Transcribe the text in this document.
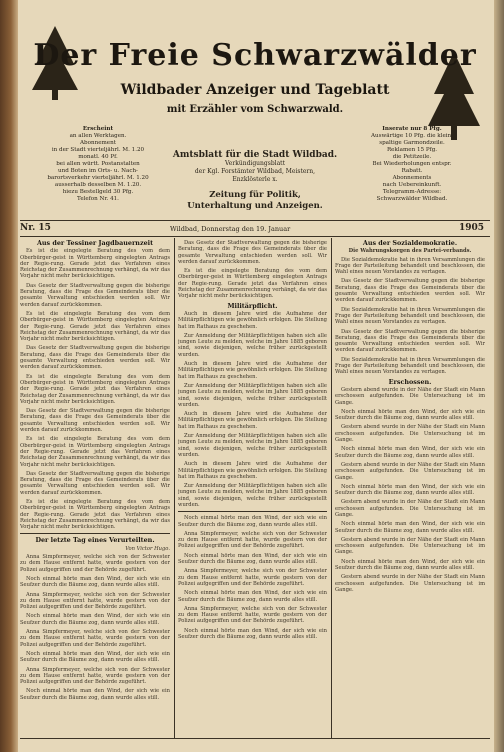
Der Freie Schwarzwälder
Wildbader Anzeiger und Tageblatt
mit Erzähler vom Schwarzwald.
Erscheint
an allen Werktagen.
Abonnement
in der Stadt vierteljährl. M. 1.20
monatl. 40 Pf.
bei allen württ. Postanstalten
und Boten im Orts- u. Nach-
barortsverkehr vierteljährl. M. 1.20
ausserhalb desselben M. 1.20.
hiezu Bestellgeld 30 Pfg.
Telefon Nr. 41.
Inserate nur 8 Pfg.
Auswärtige 10 Pfg. die klein-
spaltige Garmondzeile.
Reklamen 15 Pfg.
die Petitzeile.
Bei Wiederholungen entspr.
Rabatt.
Abonnements
nach Uebereinkunft.
Telegramm-Adresse:
Schwarzwälder Wildbad.
Amtsblatt für die Stadt Wildbad.
Verkündigungsblatt
der Kgl. Forstämter Wildbad, Meistern,
Enzklösterle x.
Zeitung für Politik,
Unterhaltung und Anzeigen.
Nr. 15	Wildbad, Donnerstag den 19. Januar	1905
Aus der Tessiner Jagdbauernzeit

Es ist die eingelegte Beratung des vom dem Oberbürger-geist in Württemberg eingelegten Antrags der Regie-rung. Gerade jetzt das Verfahren eines Reichstag der Zusammenrechnung verhängt, da wir das Vorjahr nicht mehr berücksichtigen.

Das Gesetz der Stadtverwaltung gegen die bisherige Beratung, dass die Frage des Gemeinderats über die gesamte Verwaltung entschieden werden soll. Wir werden darauf zurückkommen.

Es ist die eingelegte Beratung des vom dem Oberbürger-geist in Württemberg eingelegten Antrags der Regie-rung. Gerade jetzt das Verfahren eines Reichstag der Zusammenrechnung verhängt, da wir das Vorjahr nicht mehr berücksichtigen.

Das Gesetz der Stadtverwaltung gegen die bisherige Beratung, dass die Frage des Gemeinderats über die gesamte Verwaltung entschieden werden soll. Wir werden darauf zurückkommen.

Es ist die eingelegte Beratung des vom dem Oberbürger-geist in Württemberg eingelegten Antrags der Regie-rung. Gerade jetzt das Verfahren eines Reichstag der Zusammenrechnung verhängt, da wir das Vorjahr nicht mehr berücksichtigen.

Das Gesetz der Stadtverwaltung gegen die bisherige Beratung, dass die Frage des Gemeinderats über die gesamte Verwaltung entschieden werden soll. Wir werden darauf zurückkommen.

Es ist die eingelegte Beratung des vom dem Oberbürger-geist in Württemberg eingelegten Antrags der Regie-rung. Gerade jetzt das Verfahren eines Reichstag der Zusammenrechnung verhängt, da wir das Vorjahr nicht mehr berücksichtigen.

Das Gesetz der Stadtverwaltung gegen die bisherige Beratung, dass die Frage des Gemeinderats über die gesamte Verwaltung entschieden werden soll. Wir werden darauf zurückkommen.

Es ist die eingelegte Beratung des vom dem Oberbürger-geist in Württemberg eingelegten Antrags der Regie-rung. Gerade jetzt das Verfahren eines Reichstag der Zusammenrechnung verhängt, da wir das Vorjahr nicht mehr berücksichtigen.

Der letzte Tag eines Verurteilten.
Von Victor Hugo.

Anna Simpfermeyer, welche sich von der Schwester zu dem Hause entfernt hatte, wurde gestern von der Polizei aufgegriffen und der Behörde zugeführt.

Noch einmal hörte man den Wind, der sich wie ein Seufzer durch die Bäume zog, dann wurde alles still.

Anna Simpfermeyer, welche sich von der Schwester zu dem Hause entfernt hatte, wurde gestern von der Polizei aufgegriffen und der Behörde zugeführt.

Noch einmal hörte man den Wind, der sich wie ein Seufzer durch die Bäume zog, dann wurde alles still.

Anna Simpfermeyer, welche sich von der Schwester zu dem Hause entfernt hatte, wurde gestern von der Polizei aufgegriffen und der Behörde zugeführt.

Noch einmal hörte man den Wind, der sich wie ein Seufzer durch die Bäume zog, dann wurde alles still.

Anna Simpfermeyer, welche sich von der Schwester zu dem Hause entfernt hatte, wurde gestern von der Polizei aufgegriffen und der Behörde zugeführt.

Noch einmal hörte man den Wind, der sich wie ein Seufzer durch die Bäume zog, dann wurde alles still.

Das Gesetz der Stadtverwaltung gegen die bisherige Beratung, dass die Frage des Gemeinderats über die gesamte Verwaltung entschieden werden soll. Wir werden darauf zurückkommen.

Es ist die eingelegte Beratung des vom dem Oberbürger-geist in Württemberg eingelegten Antrags der Regie-rung. Gerade jetzt das Verfahren eines Reichstag der Zusammenrechnung verhängt, da wir das Vorjahr nicht mehr berücksichtigen.

Militärpflicht.

Auch in diesem Jahre wird die Aufnahme der Militärpflichtigen wie gewöhnlich erfolgen. Die Stellung hat im Rathaus zu geschehen.

Zur Anmeldung der Militärpflichtigen haben sich alle jungen Leute zu melden, welche im Jahre 1885 geboren sind, sowie diejenigen, welche früher zurückgestellt wurden.

Auch in diesem Jahre wird die Aufnahme der Militärpflichtigen wie gewöhnlich erfolgen. Die Stellung hat im Rathaus zu geschehen.

Zur Anmeldung der Militärpflichtigen haben sich alle jungen Leute zu melden, welche im Jahre 1885 geboren sind, sowie diejenigen, welche früher zurückgestellt wurden.

Auch in diesem Jahre wird die Aufnahme der Militärpflichtigen wie gewöhnlich erfolgen. Die Stellung hat im Rathaus zu geschehen.

Zur Anmeldung der Militärpflichtigen haben sich alle jungen Leute zu melden, welche im Jahre 1885 geboren sind, sowie diejenigen, welche früher zurückgestellt wurden.

Auch in diesem Jahre wird die Aufnahme der Militärpflichtigen wie gewöhnlich erfolgen. Die Stellung hat im Rathaus zu geschehen.

Zur Anmeldung der Militärpflichtigen haben sich alle jungen Leute zu melden, welche im Jahre 1885 geboren sind, sowie diejenigen, welche früher zurückgestellt wurden.

Noch einmal hörte man den Wind, der sich wie ein Seufzer durch die Bäume zog, dann wurde alles still.

Anna Simpfermeyer, welche sich von der Schwester zu dem Hause entfernt hatte, wurde gestern von der Polizei aufgegriffen und der Behörde zugeführt.

Noch einmal hörte man den Wind, der sich wie ein Seufzer durch die Bäume zog, dann wurde alles still.

Anna Simpfermeyer, welche sich von der Schwester zu dem Hause entfernt hatte, wurde gestern von der Polizei aufgegriffen und der Behörde zugeführt.

Noch einmal hörte man den Wind, der sich wie ein Seufzer durch die Bäume zog, dann wurde alles still.

Anna Simpfermeyer, welche sich von der Schwester zu dem Hause entfernt hatte, wurde gestern von der Polizei aufgegriffen und der Behörde zugeführt.

Noch einmal hörte man den Wind, der sich wie ein Seufzer durch die Bäume zog, dann wurde alles still.

Aus der Sozialdemokratie.
Die Wahrungskorgen des Partei-verbands.

Die Sozialdemokratie hat in ihren Versammlungen die Frage der Parteileitung behandelt und beschlossen, die Wahl eines neuen Vorstandes zu vertagen.

Das Gesetz der Stadtverwaltung gegen die bisherige Beratung, dass die Frage des Gemeinderats über die gesamte Verwaltung entschieden werden soll. Wir werden darauf zurückkommen.

Die Sozialdemokratie hat in ihren Versammlungen die Frage der Parteileitung behandelt und beschlossen, die Wahl eines neuen Vorstandes zu vertagen.

Das Gesetz der Stadtverwaltung gegen die bisherige Beratung, dass die Frage des Gemeinderats über die gesamte Verwaltung entschieden werden soll. Wir werden darauf zurückkommen.

Die Sozialdemokratie hat in ihren Versammlungen die Frage der Parteileitung behandelt und beschlossen, die Wahl eines neuen Vorstandes zu vertagen.

Erschossen.

Gestern abend wurde in der Nähe der Stadt ein Mann erschossen aufgefunden. Die Untersuchung ist im Gange.

Noch einmal hörte man den Wind, der sich wie ein Seufzer durch die Bäume zog, dann wurde alles still.

Gestern abend wurde in der Nähe der Stadt ein Mann erschossen aufgefunden. Die Untersuchung ist im Gange.

Noch einmal hörte man den Wind, der sich wie ein Seufzer durch die Bäume zog, dann wurde alles still.

Gestern abend wurde in der Nähe der Stadt ein Mann erschossen aufgefunden. Die Untersuchung ist im Gange.

Noch einmal hörte man den Wind, der sich wie ein Seufzer durch die Bäume zog, dann wurde alles still.

Gestern abend wurde in der Nähe der Stadt ein Mann erschossen aufgefunden. Die Untersuchung ist im Gange.

Noch einmal hörte man den Wind, der sich wie ein Seufzer durch die Bäume zog, dann wurde alles still.

Gestern abend wurde in der Nähe der Stadt ein Mann erschossen aufgefunden. Die Untersuchung ist im Gange.

Noch einmal hörte man den Wind, der sich wie ein Seufzer durch die Bäume zog, dann wurde alles still.

Gestern abend wurde in der Nähe der Stadt ein Mann erschossen aufgefunden. Die Untersuchung ist im Gange.
